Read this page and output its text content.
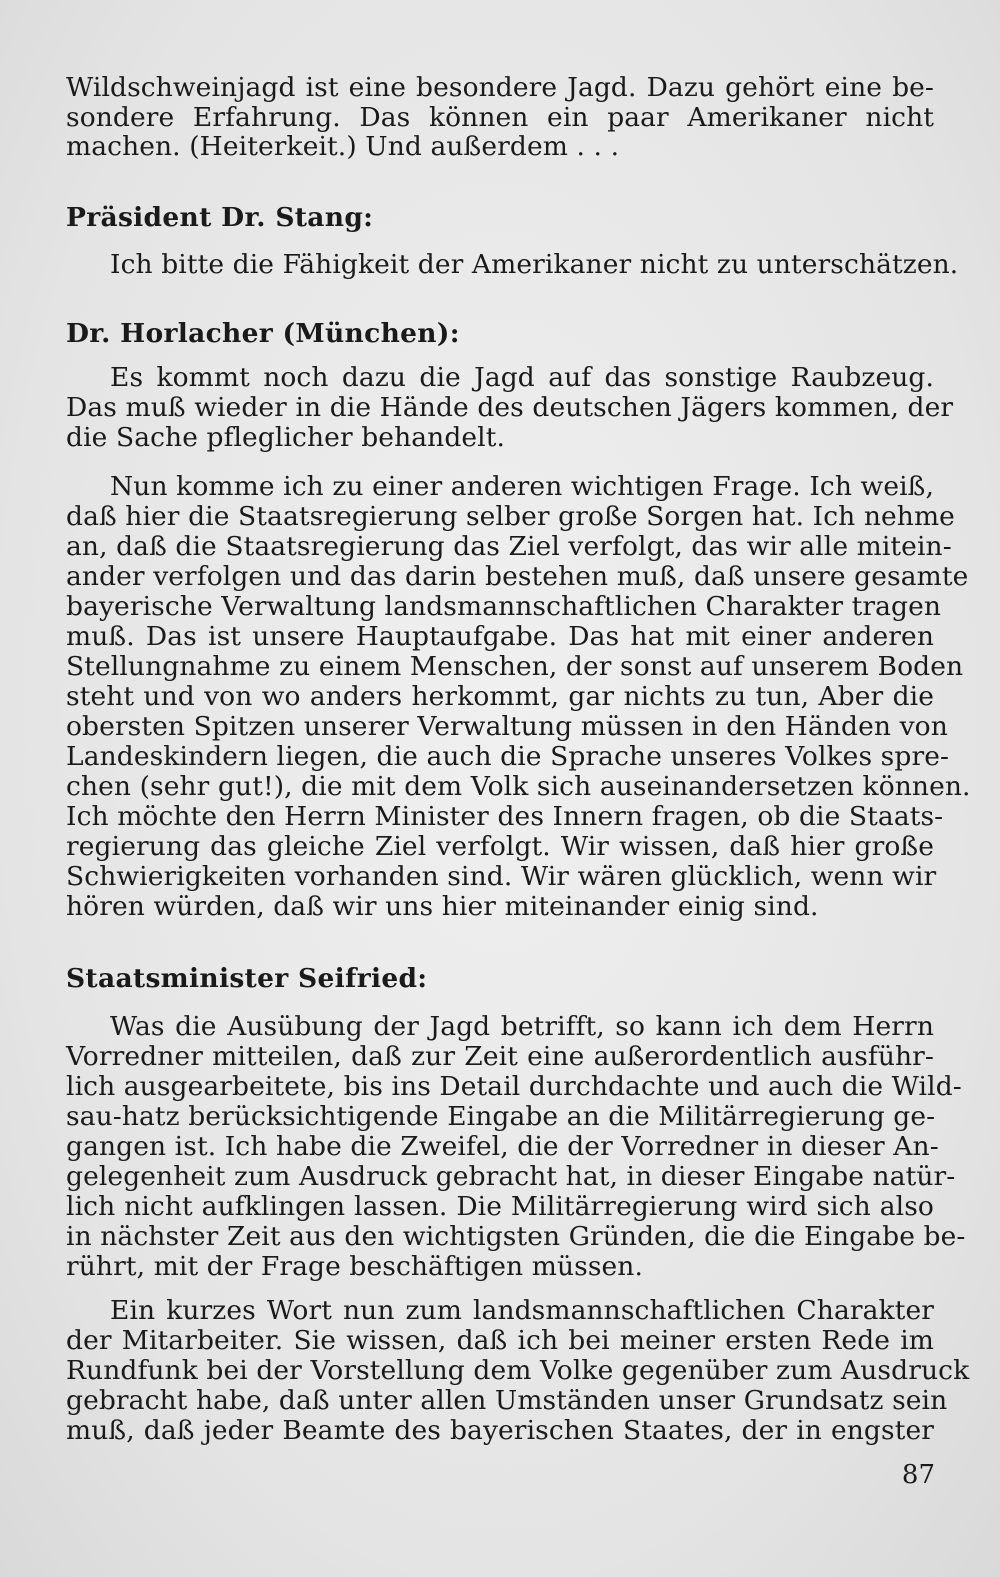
Wildschweinjagd ist eine besondere Jagd. Dazu gehört eine be-
sondere Erfahrung. Das können ein paar Amerikaner nicht
machen. (Heiterkeit.) Und außerdem . . .
Präsident Dr. Stang:
Ich bitte die Fähigkeit der Amerikaner nicht zu unterschätzen.
Dr. Horlacher (München):
Es kommt noch dazu die Jagd auf das sonstige Raubzeug.
Das muß wieder in die Hände des deutschen Jägers kommen, der
die Sache pfleglicher behandelt.
Nun komme ich zu einer anderen wichtigen Frage. Ich weiß,
daß hier die Staatsregierung selber große Sorgen hat. Ich nehme
an, daß die Staatsregierung das Ziel verfolgt, das wir alle mitein-
ander verfolgen und das darin bestehen muß, daß unsere gesamte
bayerische Verwaltung landsmannschaftlichen Charakter tragen
muß. Das ist unsere Hauptaufgabe. Das hat mit einer anderen
Stellungnahme zu einem Menschen, der sonst auf unserem Boden
steht und von wo anders herkommt, gar nichts zu tun, Aber die
obersten Spitzen unserer Verwaltung müssen in den Händen von
Landeskindern liegen, die auch die Sprache unseres Volkes spre-
chen (sehr gut!), die mit dem Volk sich auseinandersetzen können.
Ich möchte den Herrn Minister des Innern fragen, ob die Staats-
regierung das gleiche Ziel verfolgt. Wir wissen, daß hier große
Schwierigkeiten vorhanden sind. Wir wären glücklich, wenn wir
hören würden, daß wir uns hier miteinander einig sind.
Staatsminister Seifried:
Was die Ausübung der Jagd betrifft, so kann ich dem Herrn
Vorredner mitteilen, daß zur Zeit eine außerordentlich ausführ-
lich ausgearbeitete, bis ins Detail durchdachte und auch die Wild-
sau-hatz berücksichtigende Eingabe an die Militärregierung ge-
gangen ist. Ich habe die Zweifel, die der Vorredner in dieser An-
gelegenheit zum Ausdruck gebracht hat, in dieser Eingabe natür-
lich nicht aufklingen lassen. Die Militärregierung wird sich also
in nächster Zeit aus den wichtigsten Gründen, die die Eingabe be-
rührt, mit der Frage beschäftigen müssen.
Ein kurzes Wort nun zum landsmannschaftlichen Charakter
der Mitarbeiter. Sie wissen, daß ich bei meiner ersten Rede im
Rundfunk bei der Vorstellung dem Volke gegenüber zum Ausdruck
gebracht habe, daß unter allen Umständen unser Grundsatz sein
muß, daß jeder Beamte des bayerischen Staates, der in engster
87
